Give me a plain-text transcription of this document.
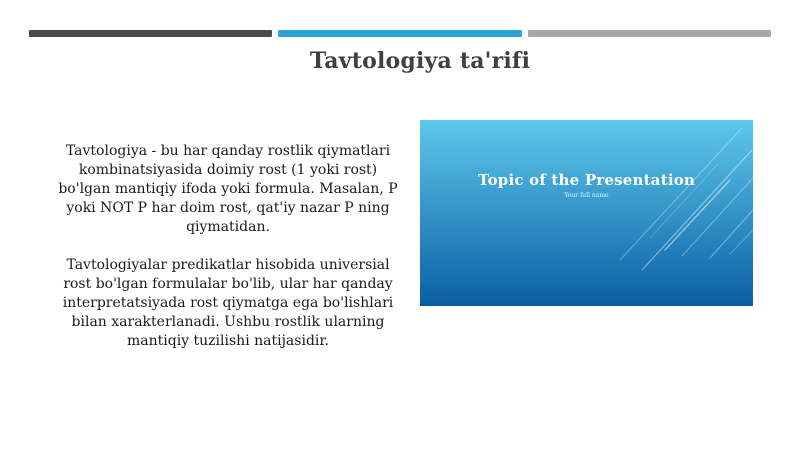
Tavtologiya ta'rifi

Tavtologiya - bu har qanday rostlik qiymatlari kombinatsiyasida doimiy rost (1 yoki rost) bo'lgan mantiqiy ifoda yoki formula. Masalan, P yoki NOT P har doim rost, qat'iy nazar P ning qiymatidan.

Tavtologiyalar predikatlar hisobida universial rost bo'lgan formulalar bo'lib, ular har qanday interpretatsiyada rost qiymatga ega bo'lishlari bilan xarakterlanadi. Ushbu rostlik ularning mantiqiy tuzilishi natijasidir.

Topic of the Presentation
Your full name
